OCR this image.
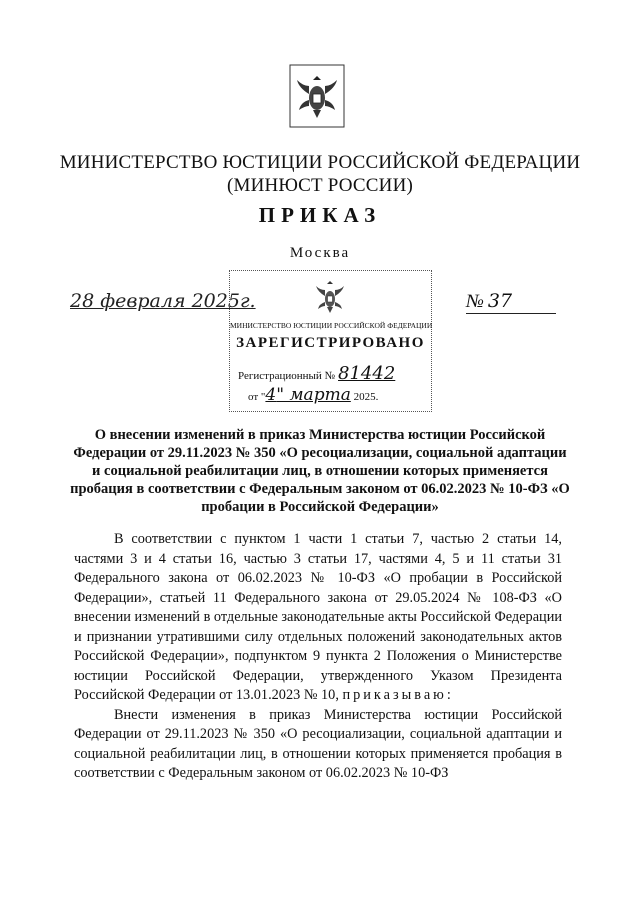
МИНИСТЕРСТВО ЮСТИЦИИ РОССИЙСКОЙ ФЕДЕРАЦИИ
(МИНЮСТ РОССИИ)
ПРИКАЗ
Москва
28 февраля 2025г.	№ 37
МИНИСТЕРСТВО ЮСТИЦИИ РОССИЙСКОЙ ФЕДЕРАЦИИ
ЗАРЕГИСТРИРОВАНО
Регистрационный № 81442
от "4" марта 2025.
О внесении изменений в приказ Министерства юстиции Российской Федерации от 29.11.2023 № 350 «О ресоциализации, социальной адаптации и социальной реабилитации лиц, в отношении которых применяется пробация в соответствии с Федеральным законом от 06.02.2023 № 10-ФЗ «О пробации в Российской Федерации»

В соответствии с пунктом 1 части 1 статьи 7, частью 2 статьи 14, частями 3 и 4 статьи 16, частью 3 статьи 17, частями 4, 5 и 11 статьи 31 Федерального закона от 06.02.2023 № 10-ФЗ «О пробации в Российской Федерации», статьей 11 Федерального закона от 29.05.2024 № 108-ФЗ «О внесении изменений в отдельные законодательные акты Российской Федерации и признании утратившими силу отдельных положений законодательных актов Российской Федерации», подпунктом 9 пункта 2 Положения о Министерстве юстиции Российской Федерации, утвержденного Указом Президента Российской Федерации от 13.01.2023 № 10, приказываю:

Внести изменения в приказ Министерства юстиции Российской Федерации от 29.11.2023 № 350 «О ресоциализации, социальной адаптации и социальной реабилитации лиц, в отношении которых применяется пробация в соответствии с Федеральным законом от 06.02.2023 № 10-ФЗ
